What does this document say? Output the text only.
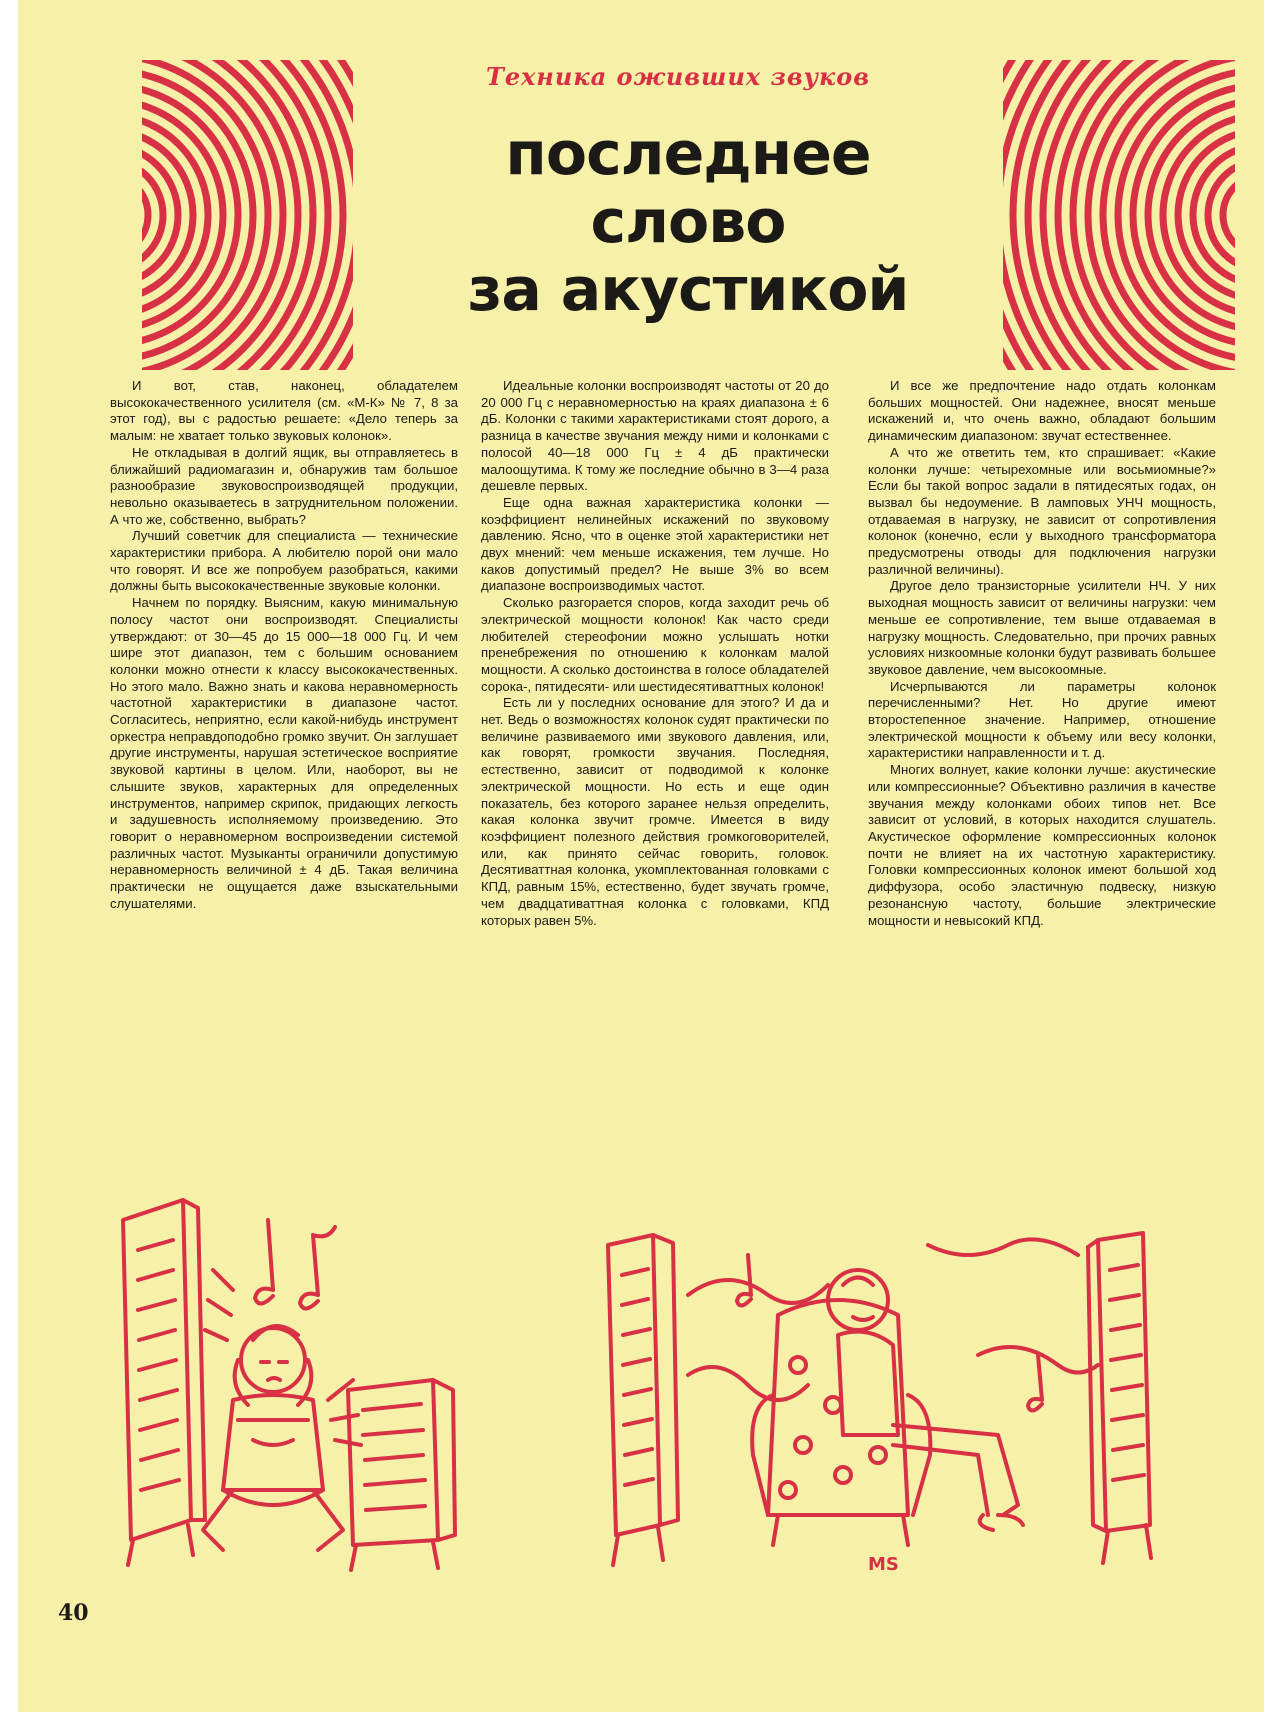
Техника оживших звуков
последнее
слово
за акустикой

И вот, став, наконец, обладателем высококачественного усилителя (см. «М-К» № 7, 8 за этот год), вы с радостью решаете: «Дело теперь за малым: не хватает только звуковых колонок».

Не откладывая в долгий ящик, вы отправляетесь в ближайший радиомагазин и, обнаружив там большое разнообразие звуковоспроизводящей продукции, невольно оказываетесь в затруднительном положении. А что же, собственно, выбрать?

Лучший советчик для специалиста — технические характеристики прибора. А любителю порой они мало что говорят. И все же попробуем разобраться, какими должны быть высококачественные звуковые колонки.

Начнем по порядку. Выясним, какую минимальную полосу частот они воспроизводят. Специалисты утверждают: от 30—45 до 15 000—18 000 Гц. И чем шире этот диапазон, тем с большим основанием колонки можно отнести к классу высококачественных. Но этого мало. Важно знать и какова неравномерность частотной характеристики в диапазоне частот. Согласитесь, неприятно, если какой-нибудь инструмент оркестра неправдоподобно громко звучит. Он заглушает другие инструменты, нарушая эстетическое восприятие звуковой картины в целом. Или, наоборот, вы не слышите звуков, характерных для определенных инструментов, например скрипок, придающих легкость и задушевность исполняемому произведению. Это говорит о неравномерном воспроизведении системой различных частот. Музыканты ограничили допустимую неравномерность величиной ± 4 дБ. Такая величина практически не ощущается даже взыскательными слушателями.

Идеальные колонки воспроизводят частоты от 20 до 20 000 Гц с неравномерностью на краях диапазона ± 6 дБ. Колонки с такими характеристиками стоят дорого, а разница в качестве звучания между ними и колонками с полосой 40—18 000 Гц ± 4 дБ практически малоощутима. К тому же последние обычно в 3—4 раза дешевле первых.

Еще одна важная характеристика колонки — коэффициент нелинейных искажений по звуковому давлению. Ясно, что в оценке этой характеристики нет двух мнений: чем меньше искажения, тем лучше. Но каков допустимый предел? Не выше 3% во всем диапазоне воспроизводимых частот.

Сколько разгорается споров, когда заходит речь об электрической мощности колонок! Как часто среди любителей стереофонии можно услышать нотки пренебрежения по отношению к колонкам малой мощности. А сколько достоинства в голосе обладателей сорока-, пятидесяти- или шестидесятиваттных колонок!

Есть ли у последних основание для этого? И да и нет. Ведь о возможностях колонок судят практически по величине развиваемого ими звукового давления, или, как говорят, громкости звучания. Последняя, естественно, зависит от подводимой к колонке электрической мощности. Но есть и еще один показатель, без которого заранее нельзя определить, какая колонка звучит громче. Имеется в виду коэффициент полезного действия громкоговорителей, или, как принято сейчас говорить, головок. Десятиваттная колонка, укомплектованная головками с КПД, равным 15%, естественно, будет звучать громче, чем двадцативаттная колонка с головками, КПД которых равен 5%.

И все же предпочтение надо отдать колонкам больших мощностей. Они надежнее, вносят меньше искажений и, что очень важно, обладают большим динамическим диапазоном: звучат естественнее.

А что же ответить тем, кто спрашивает: «Какие колонки лучше: четырехомные или восьмиомные?» Если бы такой вопрос задали в пятидесятых годах, он вызвал бы недоумение. В ламповых УНЧ мощность, отдаваемая в нагрузку, не зависит от сопротивления колонок (конечно, если у выходного трансформатора предусмотрены отводы для подключения нагрузки различной величины).

Другое дело транзисторные усилители НЧ. У них выходная мощность зависит от величины нагрузки: чем меньше ее сопротивление, тем выше отдаваемая в нагрузку мощность. Следовательно, при прочих равных условиях низкоомные колонки будут развивать большее звуковое давление, чем высокоомные.

Исчерпываются ли параметры колонок перечисленными? Нет. Но другие имеют второстепенное значение. Например, отношение электрической мощности к объему или весу колонки, характеристики направленности и т. д.

Многих волнует, какие колонки лучше: акустические или компрессионные? Объективно различия в качестве звучания между колонками обоих типов нет. Все зависит от условий, в которых находится слушатель. Акустическое оформление компрессионных колонок почти не влияет на их частотную характеристику. Головки компрессионных колонок имеют большой ход диффузора, особо эластичную подвеску, низкую резонансную частоту, большие электрические мощности и невысокий КПД.

MS
40
